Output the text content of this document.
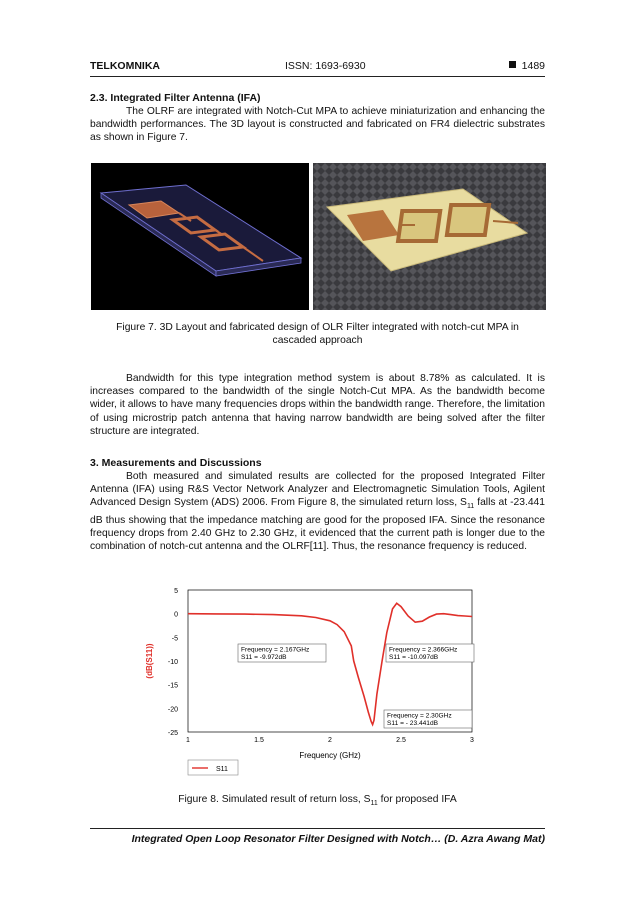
TELKOMNIKA	ISSN: 1693-6930	1489
2.3. Integrated Filter Antenna (IFA)
The OLRF are integrated with Notch-Cut MPA to achieve miniaturization and enhancing the bandwidth performances. The 3D layout is constructed and fabricated on FR4 dielectric substrates as shown in Figure 7.
Figure 7. 3D Layout and fabricated design of OLR Filter integrated with notch-cut MPA in
cascaded approach
Bandwidth for this type integration method system is about 8.78% as calculated. It is increases compared to the bandwidth of the single Notch-Cut MPA. As the bandwidth become wider, it allows to have many frequencies drops within the bandwidth range. Therefore, the limitation of using microstrip patch antenna that having narrow bandwidth are being solved after the filter structure are integrated.
3. Measurements and Discussions
Both measured and simulated results are collected for the proposed Integrated Filter Antenna (IFA) using R&S Vector Network Analyzer and Electromagnetic Simulation Tools, Agilent Advanced Design System (ADS) 2006. From Figure 8, the simulated return loss, $S_{11}$ falls at -23.441 dB thus showing that the impedance matching are good for the proposed IFA. Since the resonance frequency drops from 2.40 GHz to 2.30 GHz, it evidenced that the current path is longer due to the combination of notch-cut antenna and the OLRF[11]. Thus, the resonance frequency is reduced.
5
0
-5
-10
-15
-20
-25
1	1.5	2	2.5	3
Frequency = 2.167GHz
S11 = -9.972dB
Frequency = 2.366GHz
S11 = -10.097dB
Frequency = 2.30GHz
S11 = - 23.441dB
Frequency (GHz)
(dB(S11))
S11
Figure 8. Simulated result of return loss, $S_{11}$ for proposed IFA
Integrated Open Loop Resonator Filter Designed with Notch… (D. Azra Awang Mat)
